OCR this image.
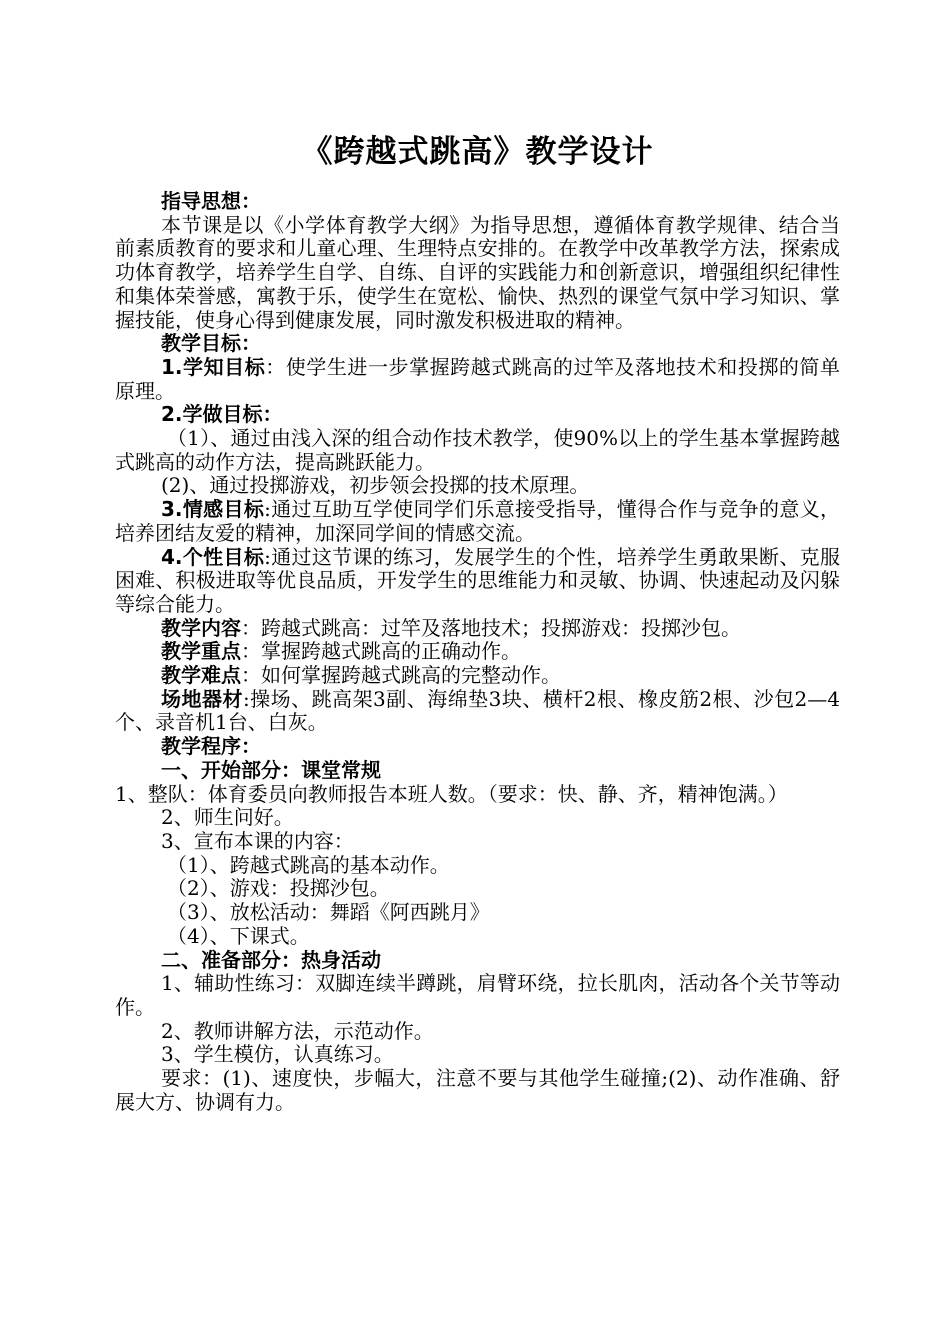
《跨越式跳高》教学设计

指导思想：

本节课是以《小学体育教学大纲》为指导思想，遵循体育教学规律、结合当前素质教育的要求和儿童心理、生理特点安排的。在教学中改革教学方法，探索成功体育教学，培养学生自学、自练、自评的实践能力和创新意识，增强组织纪律性和集体荣誉感，寓教于乐，使学生在宽松、愉快、热烈的课堂气氛中学习知识、掌握技能，使身心得到健康发展，同时激发积极进取的精神。

教学目标：

1.学知目标：使学生进一步掌握跨越式跳高的过竿及落地技术和投掷的简单原理。

2.学做目标：

（1）、通过由浅入深的组合动作技术教学，使90%以上的学生基本掌握跨越式跳高的动作方法，提高跳跃能力。

(2)、通过投掷游戏，初步领会投掷的技术原理。

3.情感目标:通过互助互学使同学们乐意接受指导，懂得合作与竞争的意义，培养团结友爱的精神，加深同学间的情感交流。

4.个性目标:通过这节课的练习，发展学生的个性，培养学生勇敢果断、克服困难、积极进取等优良品质，开发学生的思维能力和灵敏、协调、快速起动及闪躲等综合能力。

教学内容：跨越式跳高：过竿及落地技术；投掷游戏：投掷沙包。

教学重点：掌握跨越式跳高的正确动作。

教学难点：如何掌握跨越式跳高的完整动作。

场地器材:操场、跳高架3副、海绵垫3块、横杆2根、橡皮筋2根、沙包2—4个、录音机1台、白灰。

教学程序：

一、开始部分：课堂常规

1、整队：体育委员向教师报告本班人数。（要求：快、静、齐，精神饱满。）

2、师生问好。

3、宣布本课的内容：

（1）、跨越式跳高的基本动作。

（2）、游戏：投掷沙包。

（3）、放松活动：舞蹈《阿西跳月》

（4）、下课式。

二、准备部分：热身活动

1、辅助性练习：双脚连续半蹲跳，肩臂环绕，拉长肌肉，活动各个关节等动作。

2、教师讲解方法，示范动作。

3、学生模仿，认真练习。

要求：(1)、速度快，步幅大，注意不要与其他学生碰撞;(2)、动作准确、舒展大方、协调有力。
